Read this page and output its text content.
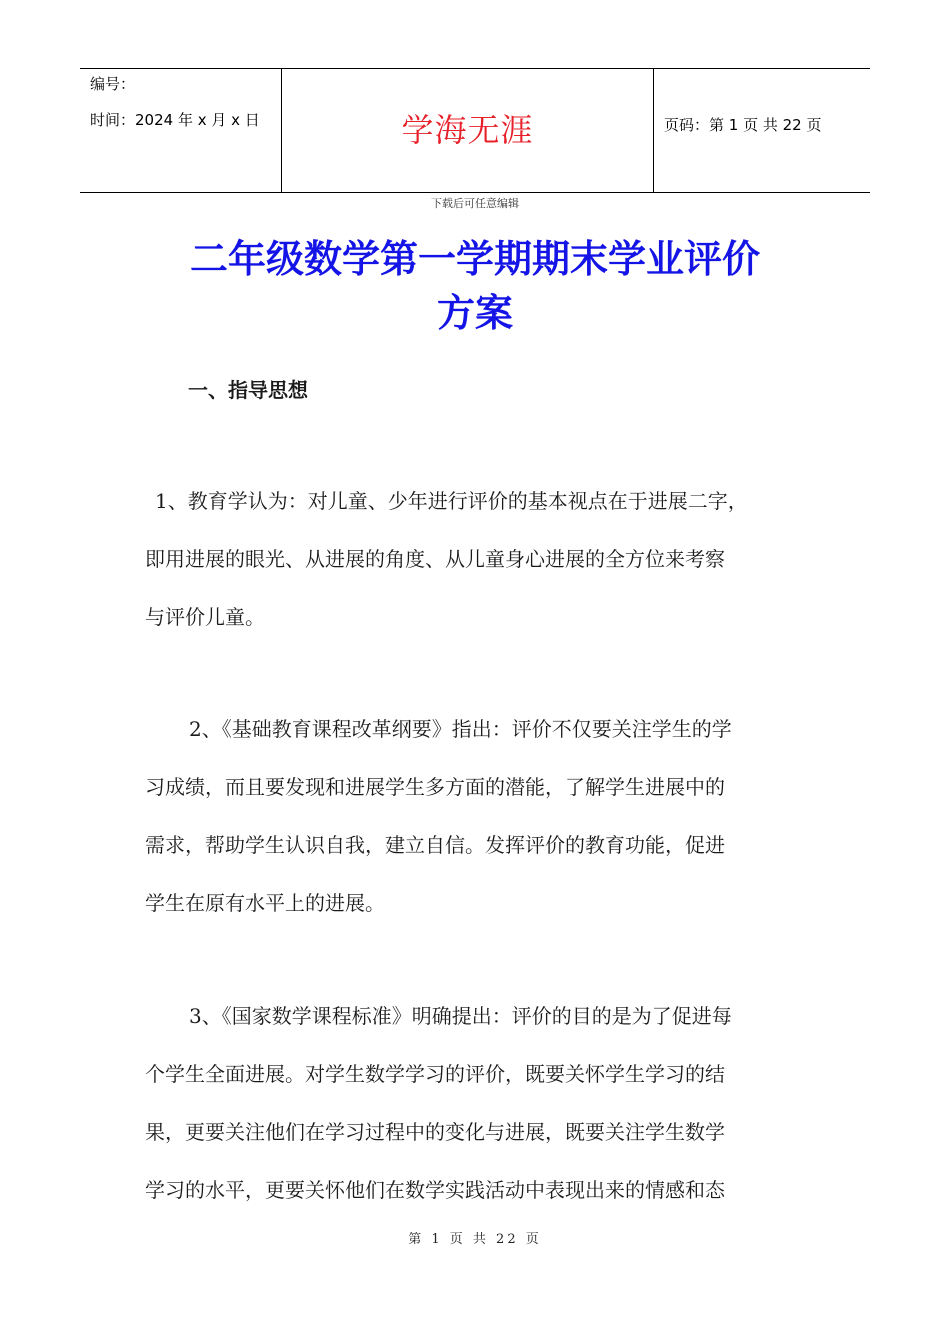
编号：
时间：2024 年 x 月 x 日	学海无涯	页码：第 1 页 共 22 页
下载后可任意编辑
二年级数学第一学期期末学业评价
方案
一、指导思想

1、教育学认为：对儿童、少年进行评价的基本视点在于进展二字，
即用进展的眼光、从进展的角度、从儿童身心进展的全方位来考察
与评价儿童。

2、《基础教育课程改革纲要》指出：评价不仅要关注学生的学
习成绩，而且要发现和进展学生多方面的潜能，了解学生进展中的
需求，帮助学生认识自我，建立自信。发挥评价的教育功能，促进
学生在原有水平上的进展。

3、《国家数学课程标准》明确提出：评价的目的是为了促进每
个学生全面进展。对学生数学学习的评价，既要关怀学生学习的结
果，更要关注他们在学习过程中的变化与进展，既要关注学生数学
学习的水平，更要关怀他们在数学实践活动中表现出来的情感和态

第 1 页 共 22 页
